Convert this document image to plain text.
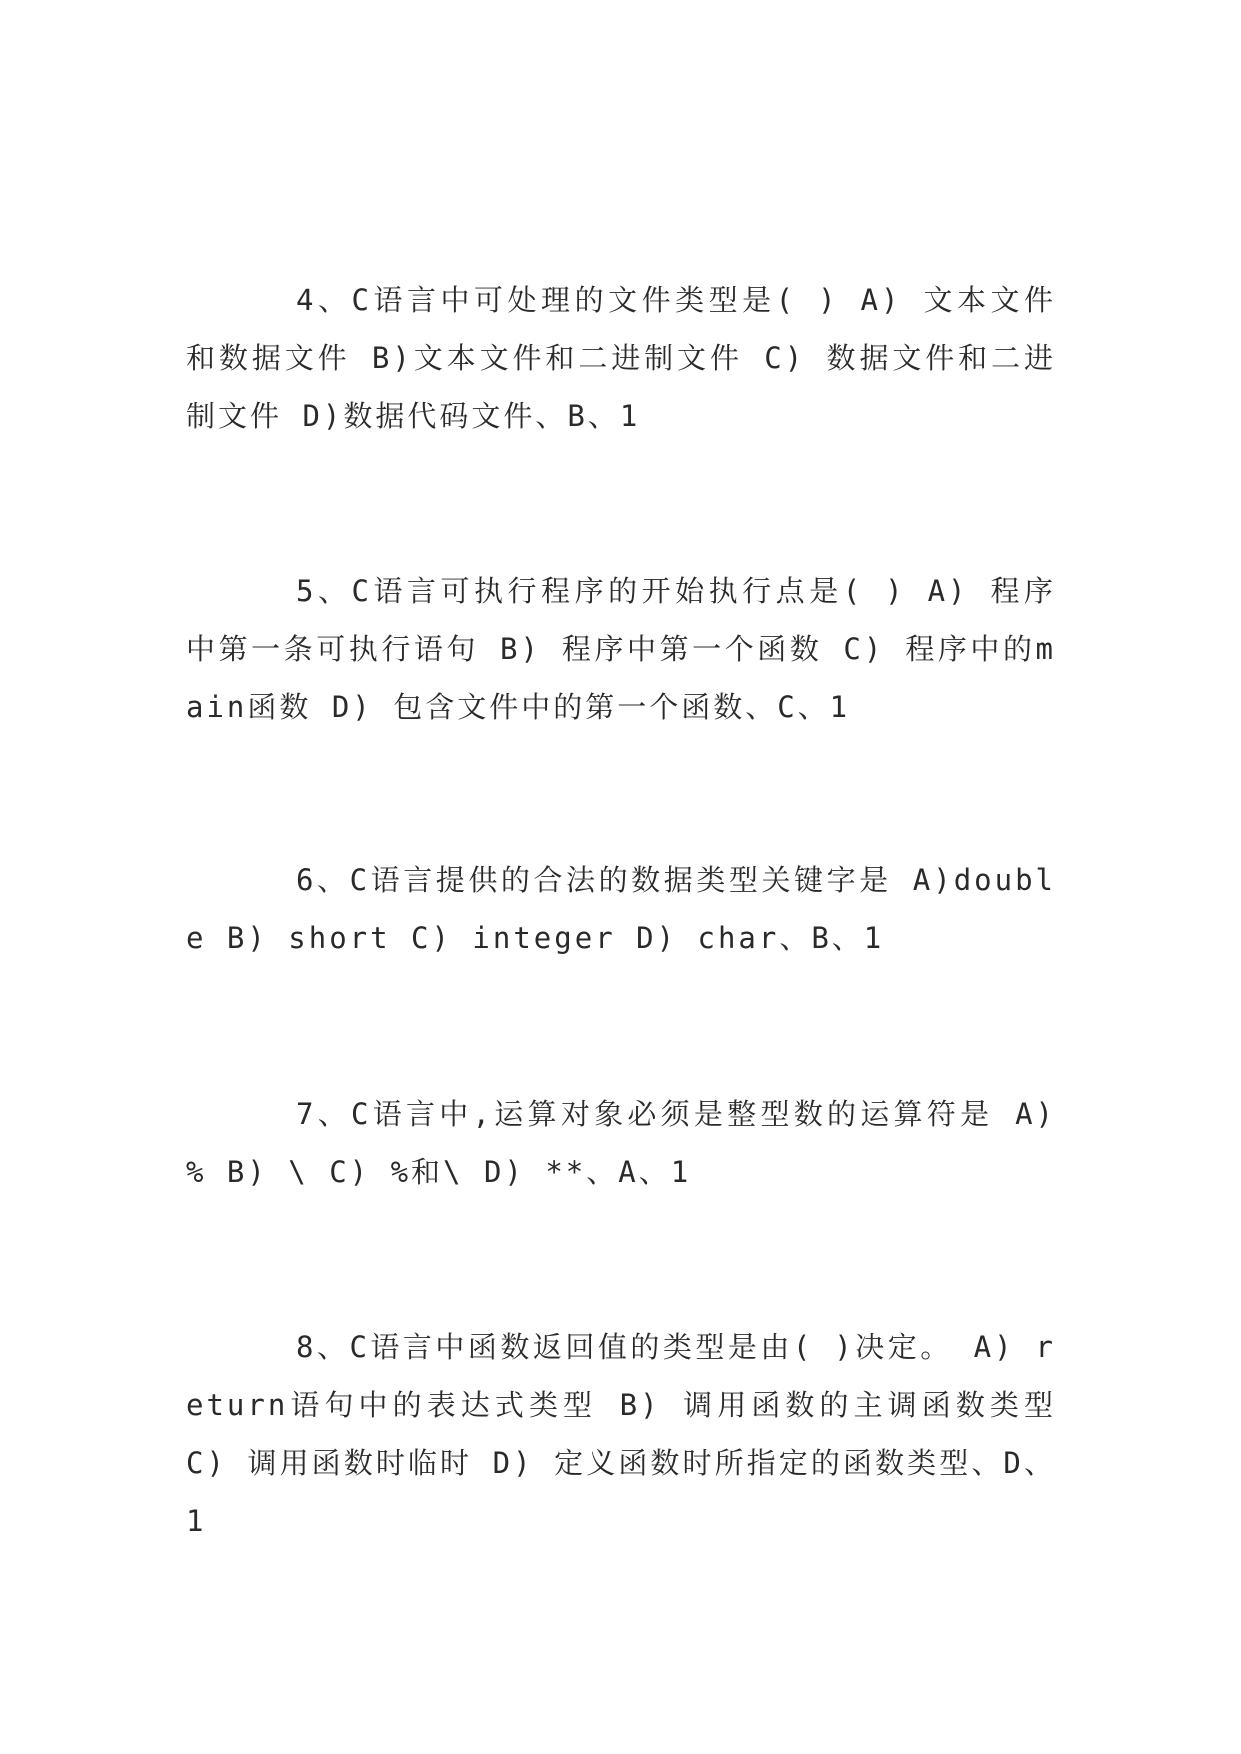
4、C语言中可处理的文件类型是( ) A) 文本文件和数据文件 B)文本文件和二进制文件 C) 数据文件和二进制文件 D)数据代码文件、B、1

5、C语言可执行程序的开始执行点是( ) A) 程序中第一条可执行语句 B) 程序中第一个函数 C) 程序中的main函数 D) 包含文件中的第一个函数、C、1

6、C语言提供的合法的数据类型关键字是 A)double B) short C) integer D) char、B、1

7、C语言中,运算对象必须是整型数的运算符是 A) % B) \ C) %和\ D) **、A、1

8、C语言中函数返回值的类型是由( )决定。 A) return语句中的表达式类型 B) 调用函数的主调函数类型 C) 调用函数时临时 D) 定义函数时所指定的函数类型、D、1
